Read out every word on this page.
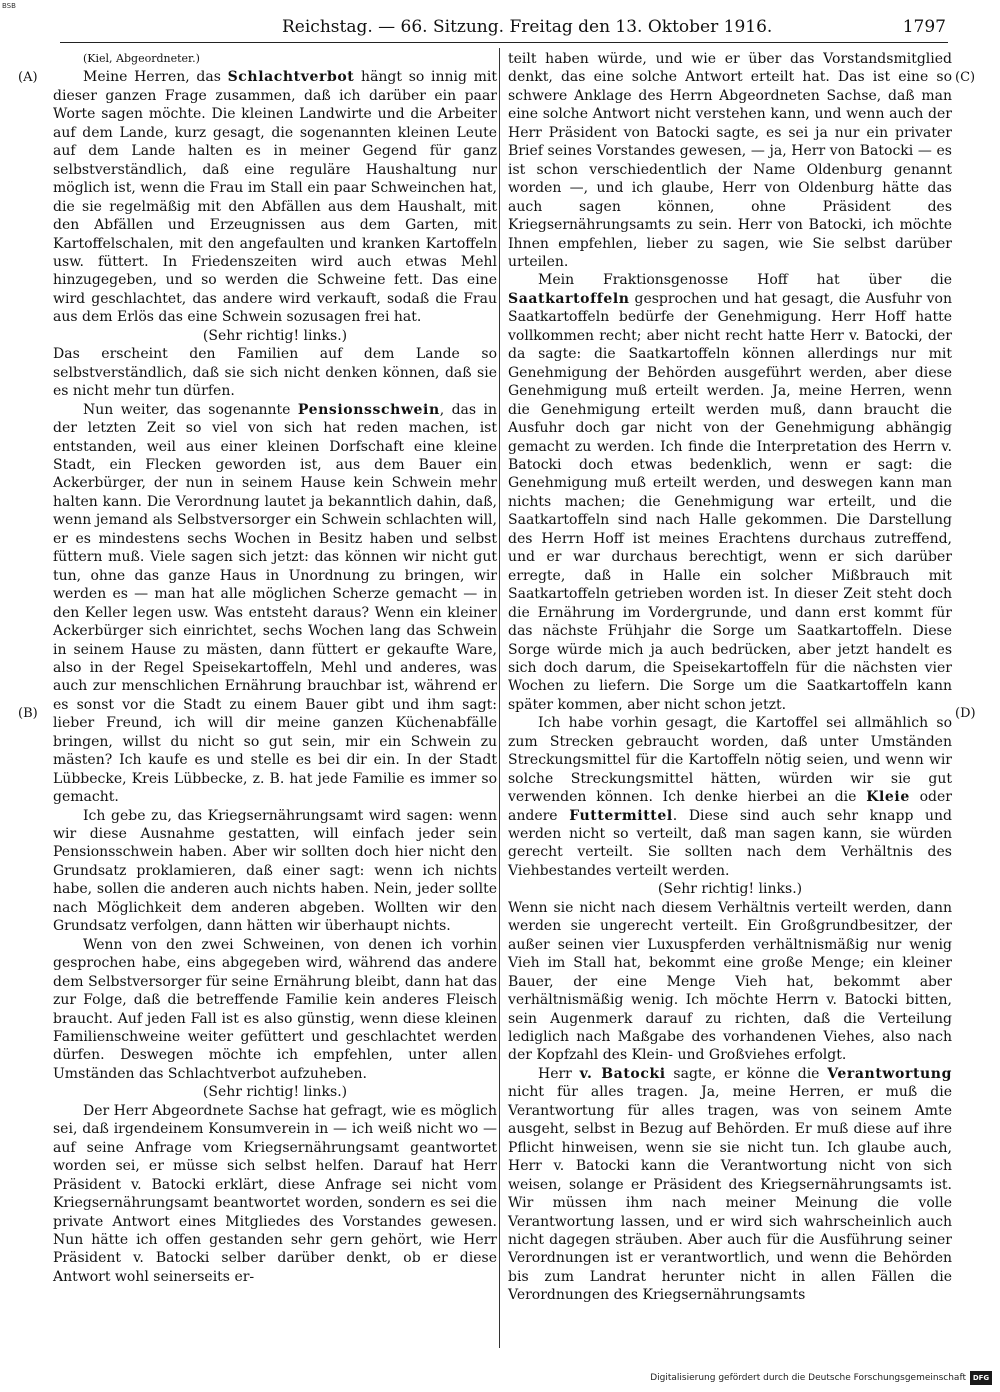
BSB
Reichstag. — 66. Sitzung. Freitag den 13. Oktober 1916.	1797
(A)
(B)
(C)
(D)

(Kiel, Abgeordneter.)

Meine Herren, das Schlachtverbot hängt so innig mit dieser ganzen Frage zusammen, daß ich darüber ein paar Worte sagen möchte. Die kleinen Landwirte und die Arbeiter auf dem Lande, kurz gesagt, die sogenannten kleinen Leute auf dem Lande halten es in meiner Gegend für ganz selbstverständlich, daß eine reguläre Haushaltung nur möglich ist, wenn die Frau im Stall ein paar Schweinchen hat, die sie regelmäßig mit den Abfällen aus dem Haushalt, mit den Abfällen und Erzeugnissen aus dem Garten, mit Kartoffelschalen, mit den angefaulten und kranken Kartoffeln usw. füttert. In Friedenszeiten wird auch etwas Mehl hinzugegeben, und so werden die Schweine fett. Das eine wird geschlachtet, das andere wird verkauft, sodaß die Frau aus dem Erlös das eine Schwein sozusagen frei hat.

(Sehr richtig! links.)

Das erscheint den Familien auf dem Lande so selbstverständlich, daß sie sich nicht denken können, daß sie es nicht mehr tun dürfen.

Nun weiter, das sogenannte Pensionsschwein, das in der letzten Zeit so viel von sich hat reden machen, ist entstanden, weil aus einer kleinen Dorfschaft eine kleine Stadt, ein Flecken geworden ist, aus dem Bauer ein Ackerbürger, der nun in seinem Hause kein Schwein mehr halten kann. Die Verordnung lautet ja bekanntlich dahin, daß, wenn jemand als Selbstversorger ein Schwein schlachten will, er es mindestens sechs Wochen in Besitz haben und selbst füttern muß. Viele sagen sich jetzt: das können wir nicht gut tun, ohne das ganze Haus in Unordnung zu bringen, wir werden es — man hat alle möglichen Scherze gemacht — in den Keller legen usw. Was entsteht daraus? Wenn ein kleiner Ackerbürger sich einrichtet, sechs Wochen lang das Schwein in seinem Hause zu mästen, dann füttert er gekaufte Ware, also in der Regel Speisekartoffeln, Mehl und anderes, was auch zur menschlichen Ernährung brauchbar ist, während er es sonst vor die Stadt zu einem Bauer gibt und ihm sagt: lieber Freund, ich will dir meine ganzen Küchenabfälle bringen, willst du nicht so gut sein, mir ein Schwein zu mästen? Ich kaufe es und stelle es bei dir ein. In der Stadt Lübbecke, Kreis Lübbecke, z. B. hat jede Familie es immer so gemacht.

Ich gebe zu, das Kriegsernährungsamt wird sagen: wenn wir diese Ausnahme gestatten, will einfach jeder sein Pensionsschwein haben. Aber wir sollten doch hier nicht den Grundsatz proklamieren, daß einer sagt: wenn ich nichts habe, sollen die anderen auch nichts haben. Nein, jeder sollte nach Möglichkeit dem anderen abgeben. Wollten wir den Grundsatz verfolgen, dann hätten wir überhaupt nichts.

Wenn von den zwei Schweinen, von denen ich vorhin gesprochen habe, eins abgegeben wird, während das andere dem Selbstversorger für seine Ernährung bleibt, dann hat das zur Folge, daß die betreffende Familie kein anderes Fleisch braucht. Auf jeden Fall ist es also günstig, wenn diese kleinen Familienschweine weiter gefüttert und geschlachtet werden dürfen. Deswegen möchte ich empfehlen, unter allen Umständen das Schlachtverbot aufzuheben.

(Sehr richtig! links.)

Der Herr Abgeordnete Sachse hat gefragt, wie es möglich sei, daß irgendeinem Konsumverein in — ich weiß nicht wo — auf seine Anfrage vom Kriegsernährungsamt geantwortet worden sei, er müsse sich selbst helfen. Darauf hat Herr Präsident v. Batocki erklärt, diese Anfrage sei nicht vom Kriegsernährungsamt beantwortet worden, sondern es sei die private Antwort eines Mitgliedes des Vorstandes gewesen. Nun hätte ich offen gestanden sehr gern gehört, wie Herr Präsident v. Batocki selber darüber denkt, ob er diese Antwort wohl seinerseits er-

teilt haben würde, und wie er über das Vorstandsmitglied denkt, das eine solche Antwort erteilt hat. Das ist eine so schwere Anklage des Herrn Abgeordneten Sachse, daß man eine solche Antwort nicht verstehen kann, und wenn auch der Herr Präsident von Batocki sagte, es sei ja nur ein privater Brief seines Vorstandes gewesen, — ja, Herr von Batocki — es ist schon verschiedentlich der Name Oldenburg genannt worden —, und ich glaube, Herr von Oldenburg hätte das auch sagen können, ohne Präsident des Kriegsernährungsamts zu sein. Herr von Batocki, ich möchte Ihnen empfehlen, lieber zu sagen, wie Sie selbst darüber urteilen.

Mein Fraktionsgenosse Hoff hat über die Saatkartoffeln gesprochen und hat gesagt, die Ausfuhr von Saatkartoffeln bedürfe der Genehmigung. Herr Hoff hatte vollkommen recht; aber nicht recht hatte Herr v. Batocki, der da sagte: die Saatkartoffeln können allerdings nur mit Genehmigung der Behörden ausgeführt werden, aber diese Genehmigung muß erteilt werden. Ja, meine Herren, wenn die Genehmigung erteilt werden muß, dann braucht die Ausfuhr doch gar nicht von der Genehmigung abhängig gemacht zu werden. Ich finde die Interpretation des Herrn v. Batocki doch etwas bedenklich, wenn er sagt: die Genehmigung muß erteilt werden, und deswegen kann man nichts machen; die Genehmigung war erteilt, und die Saatkartoffeln sind nach Halle gekommen. Die Darstellung des Herrn Hoff ist meines Erachtens durchaus zutreffend, und er war durchaus berechtigt, wenn er sich darüber erregte, daß in Halle ein solcher Mißbrauch mit Saatkartoffeln getrieben worden ist. In dieser Zeit steht doch die Ernährung im Vordergrunde, und dann erst kommt für das nächste Frühjahr die Sorge um Saatkartoffeln. Diese Sorge würde mich ja auch bedrücken, aber jetzt handelt es sich doch darum, die Speisekartoffeln für die nächsten vier Wochen zu liefern. Die Sorge um die Saatkartoffeln kann später kommen, aber nicht schon jetzt.

Ich habe vorhin gesagt, die Kartoffel sei allmählich so zum Strecken gebraucht worden, daß unter Umständen Streckungsmittel für die Kartoffeln nötig seien, und wenn wir solche Streckungsmittel hätten, würden wir sie gut verwenden können. Ich denke hierbei an die Kleie oder andere Futtermittel. Diese sind auch sehr knapp und werden nicht so verteilt, daß man sagen kann, sie würden gerecht verteilt. Sie sollten nach dem Verhältnis des Viehbestandes verteilt werden.

(Sehr richtig! links.)

Wenn sie nicht nach diesem Verhältnis verteilt werden, dann werden sie ungerecht verteilt. Ein Großgrundbesitzer, der außer seinen vier Luxuspferden verhältnismäßig nur wenig Vieh im Stall hat, bekommt eine große Menge; ein kleiner Bauer, der eine Menge Vieh hat, bekommt aber verhältnismäßig wenig. Ich möchte Herrn v. Batocki bitten, sein Augenmerk darauf zu richten, daß die Verteilung lediglich nach Maßgabe des vorhandenen Viehes, also nach der Kopfzahl des Klein- und Großviehes erfolgt.

Herr v. Batocki sagte, er könne die Verantwortung nicht für alles tragen. Ja, meine Herren, er muß die Verantwortung für alles tragen, was von seinem Amte ausgeht, selbst in Bezug auf Behörden. Er muß diese auf ihre Pflicht hinweisen, wenn sie sie nicht tun. Ich glaube auch, Herr v. Batocki kann die Verantwortung nicht von sich weisen, solange er Präsident des Kriegsernährungsamts ist. Wir müssen ihm nach meiner Meinung die volle Verantwortung lassen, und er wird sich wahrscheinlich auch nicht dagegen sträuben. Aber auch für die Ausführung seiner Verordnungen ist er verantwortlich, und wenn die Behörden bis zum Landrat herunter nicht in allen Fällen die Verordnungen des Kriegsernährungsamts

Digitalisierung gefördert durch die Deutsche Forschungsgemeinschaft DFG
